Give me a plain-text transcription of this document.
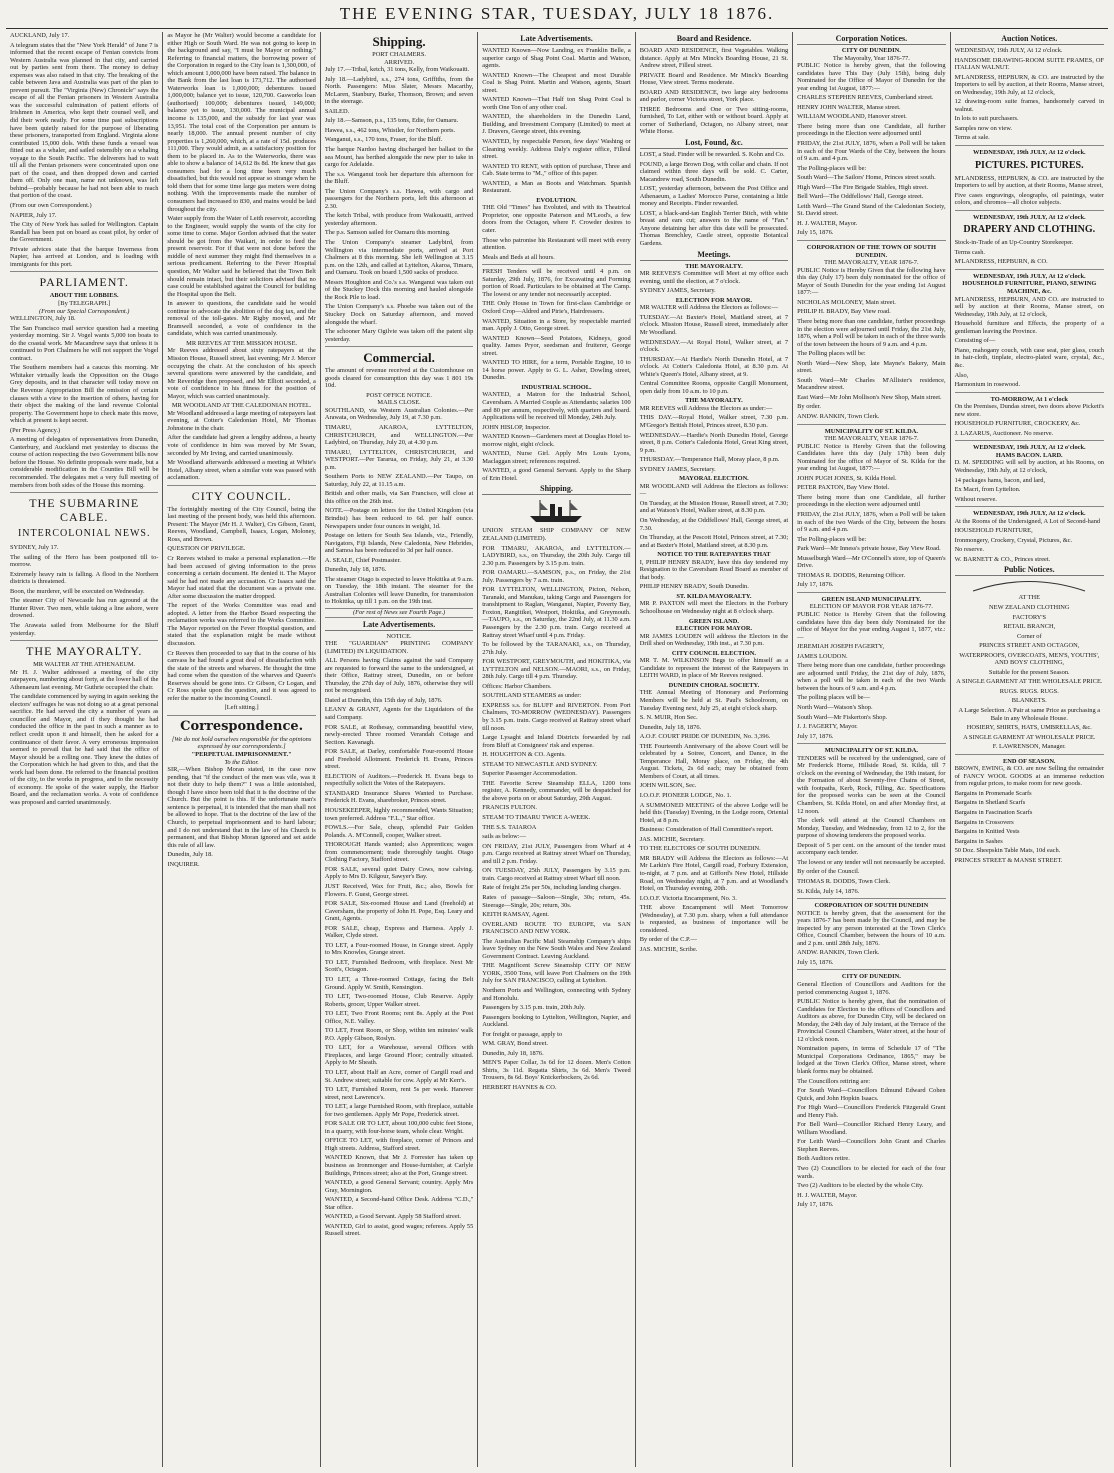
THE EVENING STAR, TUESDAY, JULY 18 1876.
AUCKLAND, July 17.
A telegram states that the "New York Herald" of June 7 is informed that the recent escape of Fenian convicts from Western Australia was planned in that city, and carried out by parties sent from there. The money to defray expenses was also raised in that city. The breaking of the cable between Java and Australia was part of the plan to prevent pursuit. The "Virginia (New) Chronicle" says the escape of all the Fenian prisoners in Western Australia was the successful culmination of patient efforts of Irishmen in America, who kept their counsel well, and did their work neatly. For some time past subscriptions have been quietly raised for the purpose of liberating these prisoners, transported from England. Virginia alone contributed 15,000 dols. With these funds a vessel was fitted out as a whaler, and sailed ostensibly on a whaling voyage to the South Pacific. The deliverers had to wait till all the Fenian prisoners were concentrated upon one part of the coast, and then dropped down and carried them off. Only one man, name not unknown, was left behind—probably because he had not been able to reach that portion of the coast.
(From our own Correspondent.)
NAPIER, July 17.
The City of New York has sailed for Wellington. Captain Randall has been put on board as coast pilot, by order of the Government.
Private advices state that the barque Inverness from Napier, has arrived at London, and is loading with immigrants for this port.
PARLIAMENT.
ABOUT THE LOBBIES.
[By TELEGRAPH.]
(From our Special Correspondent.)
WELLINGTON, July 18.
The San Francisco mail service question had a meeting yesterday morning. Sir J. Vogel wants 5,000 ton boats to do the coastal work. Mr Macandrew says that unless it is continued to Port Chalmers he will not support the Vogel contract.
The Southern members had a caucus this morning. Mr Whitaker virtually leads the Opposition on the Otago Grey deposits, and in that character will today move on the Revenue Appropriation Bill the omission of certain clauses with a view to the insertion of others, having for their object the making of the land revenue Colonial property. The Government hope to check mate this move, which at present is kept secret.
(Per Press Agency.)
A meeting of delegates of representatives from Dunedin, Canterbury, and Auckland met yesterday to discuss the course of action respecting the two Government bills now before the House. No definite proposals were made, but a considerable modification in the Counties Bill will be recommended. The delegates met a very full meeting of members from both sides of the House this morning.
THE SUBMARINE CABLE.
INTERCOLONIAL NEWS.
SYDNEY, July 17.
The sailing of the Hero has been postponed till to-morrow.
Extremely heavy rain is falling. A flood in the Northern districts is threatened.
Boon, the murderer, will be executed on Wednesday.
The steamer City of Newcastle has run aground at the Hunter River. Two men, while taking a line ashore, were drowned.
The Arawata sailed from Melbourne for the Bluff yesterday.
THE MAYORALTY.
MR WALTER AT THE ATHENAEUM.
Mr H. J. Walter addressed a meeting of the city ratepayers, numbering about forty, at the lower hall of the Athenaeum last evening. Mr Guthrie occupied the chair.
The candidate commenced by saying in again seeking the electors' suffrages he was not doing so at a great personal sacrifice. He had served the city a number of years as councillor and Mayor, and if they thought he had conducted the office in the past in such a manner as to reflect credit upon it and himself, then he asked for a continuance of their favor. A very erroneous impression seemed to prevail that he had said that the office of Mayor should be a rolling one. They knew the duties of the Corporation which he had given to this, and that the work had been done. He referred to the financial position of the city, to the works in progress, and to the necessity of economy. He spoke of the water supply, the Harbor Board, and the reclamation works. A vote of confidence was proposed and carried unanimously.
as Mayor he (Mr Walter) would become a candidate for either High or South Ward. He was not going to keep in the background and say, "I must be Mayor or nothing." Referring to financial matters, the borrowing power of the Corporation in regard to the City loan is 1,300,000, of which amount 1,000,000 have been raised. The balance in the Bank from the last loan is 173,712. The authorised Waterworks loan is 1,000,000; debentures issued 1,000,000; balance yet to issue, 120,700. Gasworks loan (authorised) 100,000; debentures issued, 149,000; balance yet to issue, 130,000. The municipal annual income is 135,000, and the subsidy for last year was 13,951. The total cost of the Corporation per annum is nearly 18,000. The annual present number of city properties is 1,260,000, which, at a rate of 15d. produces 111,000. They would admit, as a satisfactory position for them to be placed in. As to the Waterworks, there was able to show a balance of 14,612 8s 8d. He knew that gas consumers had for a long time been very much dissatisfied, but this would not appear so strange when he told them that for some time large gas meters were doing nothing. With the improvements made the number of consumers had increased to 830, and mains would be laid throughout the city.
Water supply from the Water of Leith reservoir, according to the Engineer, would supply the wants of the city for some time to come. Major Gordon advised that the water should be got from the Waikari, in order to feed the present reservoir. For if that were not done before the middle of next summer they might find themselves in a serious predicament. Referring to the Fever Hospital question, Mr Walter said he believed that the Town Belt should remain intact, but their solicitors advised that no case could be established against the Council for building the Hospital upon the Belt.
In answer to questions, the candidate said he would continue to advocate the abolition of the dog tax, and the removal of the toll-gates. Mr Rigby moved, and Mr Bramwell seconded, a vote of confidence in the candidate, which was carried unanimously.
MR REEVES AT THE MISSION HOUSE.
Mr Reeves addressed about sixty ratepayers at the Mission House, Russell street, last evening; Mr J. Mercer occupying the chair. At the conclusion of his speech several questions were answered by the candidate, and Mr Reveridge then proposed, and Mr Elliott seconded, a vote of confidence in his fitness for the position of Mayor, which was carried unanimously.
MR WOODLAND AT THE CALEDONIAN HOTEL.
Mr Woodland addressed a large meeting of ratepayers last evening, at Cotter's Caledonian Hotel, Mr Thomas Johnstone in the chair.
After the candidate had given a lengthy address, a hearty vote of confidence in him was moved by Mr Swan, seconded by Mr Irving, and carried unanimously.
Mr Woodland afterwards addressed a meeting at White's Hotel, Albany street, when a similar vote was passed with acclamation.
CITY COUNCIL.
The fortnightly meeting of the City Council, being the last meeting of the present body, was held this afternoon. Present: The Mayor (Mr H. J. Walter), Crs Gibson, Grant, Reeves, Woodland, Campbell, Isaacs, Logan, Moloney, Ross, and Brown.
QUESTION OF PRIVILEGE.
Cr Reeves wished to make a personal explanation.—He had been accused of giving information to the press concerning a certain document. He denied it. The Mayor said he had not made any accusation. Cr Isaacs said the Mayor had stated that the document was a private one. After some discussion the matter dropped.
The report of the Works Committee was read and adopted. A letter from the Harbor Board respecting the reclamation works was referred to the Works Committee. The Mayor reported on the Fever Hospital question, and stated that the explanation might be made without discussion.
Cr Reeves then proceeded to say that in the course of his canvass he had found a great deal of dissatisfaction with the state of the streets and wharves. He thought the time had come when the question of the wharves and Queen's Reserves should be gone into. Cr Gibson, Cr Logan, and Cr Ross spoke upon the question, and it was agreed to refer the matter to the incoming Council.
[Left sitting.]
Correspondence.
[We do not hold ourselves responsible for the opinions expressed by our correspondents.]
"PERPETUAL IMPRISONMENT."
To the Editor.
SIR,—When Bishop Moran stated, in the case now pending, that "if the conduct of the men was vile, was it not their duty to help them?" I was a little astonished, though I have since been told that it is the doctrine of the Church. But the point is this. If the unfortunate man's sentence is perpetual, it is intended that the man shall not be allowed to hope. That is the doctrine of the law of the Church, to perpetual imprisonment and to hard labour; and I do not understand that in the law of his Church is permanent, and that Bishop Moran ignored and set aside this rule of all law.
Dunedin, July 18.
INQUIRER.
Shipping.
PORT CHALMERS.
ARRIVED.
July 17.—Tribal, ketch, 31 tons, Kelly, from Waikouaiti.
July 18.—Ladybird, s.s., 274 tons, Griffiths, from the North. Passengers: Miss Slater, Messrs Macarthy, McLaren, Stanbury, Burke, Thomson, Brown; and seven in the steerage.
SAILED.
July 18.—Samson, p.s., 135 tons, Edie, for Oamaru.
Hawea, s.s., 462 tons, Whistler, for Northern ports.
Wanganui, s.s., 170 tons, Fraser, for the Bluff.
The barque Nardoo having discharged her ballast to the sea Mount, has berthed alongside the new pier to take in cargo for Adelaide.
The s.s. Wanganui took her departure this afternoon for the Bluff.
The Union Company's s.s. Hawea, with cargo and passengers for the Northern ports, left this afternoon at 2.30.
The ketch Tribal, with produce from Waikouaiti, arrived yesterday afternoon.
The p.s. Samson sailed for Oamaru this morning.
The Union Company's steamer Ladybird, from Wellington via intermediate ports, arrived at Port Chalmers at 8 this morning. She left Wellington at 3.15 p.m. on the 12th, and called at Lyttelton, Akaroa, Timaru, and Oamaru. Took on board 1,500 sacks of produce.
Messrs Houghton and Co.'s s.s. Wanganui was taken out of the Stuckey Dock this morning and hauled alongside the Rock Pile to load.
The Union Company's s.s. Phoebe was taken out of the Stuckey Dock on Saturday afternoon, and moved alongside the wharf.
The schooner Mary Ogilvie was taken off the patent slip yesterday.
Commercial.
The amount of revenue received at the Customhouse on goods cleared for consumption this day was 1 801 19s 10d.
POST OFFICE NOTICE.
MAILS CLOSE.
SOUTHLAND, via Western Australian Colonies.—Per Arawata, on Wednesday, July 19, at 7.30 p.m.
TIMARU, AKAROA, LYTTELTON, CHRISTCHURCH, and WELLINGTON.—Per Ladybird, on Thursday, July 20, at 4.30 p.m.
TIMARU, LYTTELTON, CHRISTCHURCH, and WESTPORT.—Per Tararua, on Friday, July 21, at 3.30 p.m.
Southern Ports to NEW ZEALAND.—Per Taupo, on Saturday, July 22, at 11.15 a.m.
British and other mails, via San Francisco, will close at this office on the 26th inst.
NOTE.—Postage on letters for the United Kingdom (via Brindisi) has been reduced to 6d. per half ounce. Newspapers under four ounces in weight, 1d.
Postage on letters for South Sea Islands, viz., Friendly, Navigators, Fiji Islands, New Caledonia, New Hebrides, and Samoa has been reduced to 3d per half ounce.
A. SEALE, Chief Postmaster.
Dunedin, July 18, 1876.
The steamer Otago is expected to leave Hokitika at 9 a.m. on Tuesday, the 18th instant. The steamer for the Australian Colonies will leave Dunedin, for transmission to Hokitika, up till 1 p.m. on the 19th inst.
(For rest of News see Fourth Page.)
Late Advertisements.
NOTICE.
THE "GUARDIAN" PRINTING COMPANY (LIMITED) IN LIQUIDATION.
ALL Persons having Claims against the said Company are requested to forward the same to the undersigned, at their Office, Rattray street, Dunedin, on or before Thursday, the 27th day of July, 1876, otherwise they will not be recognised.
Dated at Dunedin, this 15th day of July, 1876.
LEANY & GRANT, Agents for the Liquidators of the said Company.
FOR SALE, at Rothesay, commanding beautiful view, newly-erected Three roomed Verandah Cottage and Section. Kavanagh.
FOR SALE, at Darley, comfortable Four-room'd House and Freehold Allotment. Frederick H. Evans, Princes street.
ELECTION of Auditors.—Frederick H. Evans begs to respectfully solicit the Votes of the Ratepayers.
STANDARD Insurance Shares Wanted to Purchase. Frederick H. Evans, sharebroker, Princes street.
HOUSEKEEPER, highly recommended, Wants Situation; town preferred. Address "F.L.," Star office.
FOWLS.—For Sale, cheap, splendid Pair Golden Polands. A. M'Connell, cooper, Walker street.
THOROUGH Hands wanted; also Apprentices; wages from commencement; trade thoroughly taught. Otago Clothing Factory, Stafford street.
FOR SALE, several quiet Dairy Cows, now calving. Apply to Mrs D. Kilgour, Sawyer's Bay.
JUST Received, Wax for Fruit, &c.; also, Bowls for Flowers. F. Guest, George street.
FOR SALE, Six-roomed House and Land (freehold) at Caversham, the property of John H. Pope, Esq. Leary and Grant, Agents.
FOR SALE, cheap, Express and Harness. Apply J. Walker, Clyde street.
TO LET, a Four-roomed House, in Grange street. Apply to Mrs Knowles, Grange street.
TO LET, Furnished Bedroom, with fireplace. Next Mr Scott's, Octagon.
TO LET, a Three-roomed Cottage, facing the Belt Ground. Apply W. Smith, Kensington.
TO LET, Two-roomed House, Club Reserve. Apply Roberts, grocer, Upper Walker street.
TO LET, Two Front Rooms; rent 8s. Apply at the Post Office, N.E. Valley.
TO LET, Front Room, or Shop, within ten minutes' walk P.O. Apply Gibson, Roslyn.
TO LET, for a Warehouse, several Offices with Fireplaces, and large Ground Floor; centrally situated. Apply to Mr Sheath.
TO LET, about Half an Acre, corner of Cargill road and St. Andrew street; suitable for cow. Apply at Mr Kerr's.
TO LET, Furnished Room, rent 5s per week. Hanover street, next Lawrence's.
TO LET, a large Furnished Room, with fireplace, suitable for two gentlemen. Apply Mr Pope, Frederick street.
FOR SALE OR TO LET, about 100,000 cubic feet Stone, in a quarry, with four-horse team, whole clear. Wright.
OFFICE TO LET, with fireplace, corner of Princes and High streets. Address, Stafford street.
WANTED Known, that Mr J. Forrester has taken up business as Ironmonger and House-furnisher, at Carlyle Buildings, Princes street; also at the Port, Grange street.
WANTED, a good General Servant; country. Apply Mrs Gray, Mornington.
WANTED, a Second-hand Office Desk. Address "C.D.," Star office.
WANTED, a Good Servant. Apply 58 Stafford street.
WANTED, Girl to assist, good wages; referees. Apply 55 Russell street.
Late Advertisements.
WANTED Known—Now Landing, ex Franklin Belle, a superior cargo of Shag Point Coal. Martin and Watson, agents.
WANTED Known—The Cheapest and most Durable Coal is Shag Point. Martin and Watson, agents, Stuart street.
WANTED Known—That Half ton Shag Point Coal is worth One Ton of any other coal.
WANTED, the shareholders in the Dunedin Land, Building, and Investment Company (Limited) to meet at J. Dravers, George street, this evening.
WANTED, by respectable Person, few days' Washing or Cleaning weekly. Address Daly's register office, Filleul street.
WANTED TO RENT, with option of purchase, Three and Cab. State terms to "M.," office of this paper.
WANTED, a Man as Boots and Watchman. Spanish Restaurant.
EVOLUTION.
THE Old "Times" has Evoluted, and with its Theatrical Proprietor, one opposite Paterson and M'Leod's, a few doors from the Octagon, where F. Crowder desires to cater.
Those who patronise his Restaurant will meet with every attention.
Meals and Beds at all hours.
FRESH Tenders will be received until 4 p.m. on Saturday, 29th July, 1876, for Excavating and Forming portion of Road. Particulars to be obtained at The Camp. The lowest or any tender not necessarily accepted.
THE Only House in Town for first-class Cambridge or Oxford Crop—Aldred and Pirie's, Hairdressers.
WANTED, Situation in a Store, by respectable married man. Apply J. Otto, George street.
WANTED Known—Seed Potatoes, Kidneys, good quality. James Pryor, seedsman and fruiterer, George street.
WANTED TO HIRE, for a term, Portable Engine, 10 to 14 horse power. Apply to G. L. Asher, Dowling street, Dunedin.
INDUSTRIAL SCHOOL.
WANTED, a Matron for the Industrial School, Caversham. A Married Couple as Attendants; salaries 100 and 80 per annum, respectively, with quarters and board. Applications will be received till Monday, 24th July.
JOHN HISLOP, Inspector.
WANTED Known—Gardeners meet at Douglas Hotel to-morrow night, eight o'clock.
WANTED, Nurse Girl. Apply Mrs Louis Lyons, Maclaggan street; references required.
WANTED, a good General Servant. Apply to the Sharp of Erin Hotel.
Shipping.
UNION STEAM SHIP COMPANY OF NEW ZEALAND (LIMITED).
FOR TIMARU, AKAROA, and LYTTELTON.—LADYBIRD, s.s., on Thursday, the 20th July. Cargo till 2.30 p.m. Passengers by 3.15 p.m. train.
FOR OAMARU.—SAMSON, p.s., on Friday, the 21st July. Passengers by 7 a.m. train.
FOR LYTTELTON, WELLINGTON, Picton, Nelson, Taranaki, and Manukau, taking Cargo and Passengers for transhipment to Raglan, Wanganui, Napier, Poverty Bay, Foxton, Rangitikei, Westport, Hokitika, and Greymouth.—TAUPO, s.s., on Saturday, the 22nd July, at 11.30 a.m. Passengers by the 2.30 p.m. train. Cargo received at Rattray street Wharf until 4 p.m. Friday.
To be followed by the TARANAKI, s.s., on Thursday, 27th July.
FOR WESTPORT, GREYMOUTH, and HOKITIKA, via LYTTELTON and NELSON.—MAORI, s.s., on Friday, 28th July. Cargo till 4 p.m. Thursday.
Offices: Harbor Chambers.
SOUTHLAND STEAMERS as under:
EXPRESS s.s. for BLUFF and RIVERTON. From Port Chalmers, TO-MORROW (WEDNESDAY). Passengers by 3.15 p.m. train. Cargo received at Rattray street wharf till noon.
Large Lysaght and Inland Districts forwarded by rail from Bluff at Consignees' risk and expense.
H. HOUGHTON & CO. Agents.
STEAM TO NEWCASTLE AND SYDNEY.
Superior Passenger Accommodation.
THE Favorite Screw Steamship ELLA, 1200 tons register, A. Kennedy, commander, will be despatched for the above ports on or about Saturday, 29th August.
FRANCIS FULTON.
STEAM TO TIMARU TWICE A-WEEK.
THE S.S. TAIAROA
sails as below:—
ON FRIDAY, 21st JULY, Passengers from Wharf at 4 p.m. Cargo received at Rattray street Wharf on Thursday, and till 2 p.m. Friday.
ON TUESDAY, 25th JULY, Passengers by 3.15 p.m. train. Cargo received at Rattray street Wharf till noon.
Rate of freight 25s per 50s, including landing charges.
Rates of passage—Saloon—Single, 30s; return, 45s. Steerage—Single, 20s; return, 30s.
KEITH RAMSAY, Agent.
OVERLAND ROUTE TO EUROPE, via SAN FRANCISCO AND NEW YORK.
The Australian Pacific Mail Steamship Company's ships leave Sydney on the New South Wales and New Zealand Government Contract. Leaving Auckland.
THE Magnificent Screw Steamship CITY OF NEW YORK, 3500 Tons, will leave Port Chalmers on the 19th July for SAN FRANCISCO, calling at Lyttelton.
Northern Ports and Wellington, connecting with Sydney and Honolulu.
Passengers by 3.15 p.m. train, 20th July.
Passengers booking to Lyttelton, Wellington, Napier, and Auckland.
For freight or passage, apply to
WM. GRAY, Bond street.
Dunedin, July 18, 1876.
MEN'S Paper Collar, 3s 6d for 12 dozen. Men's Cotton Shirts, 3s 11d. Regatta Shirts, 3s 6d. Men's Tweed Trousers, 8s 6d. Boys' Knickerbockers, 2s 6d.
HERBERT HAYNES & CO.
Board and Residence.
BOARD AND RESIDENCE, first Vegetables. Walking distance. Apply at Mrs Minck's Boarding House, 21 St. Andrew street, Filleul street.
PRIVATE Board and Residence. Mr Minck's Boarding House, View street. Terms moderate.
BOARD AND RESIDENCE, two large airy bedrooms and parlor, corner Victoria street, York place.
THREE Bedrooms and One or Two sitting-rooms, furnished, To Let, either with or without board. Apply at corner of Sutherland, Octagon, no Albany street, near White Horse.
Lost, Found, &c.
LOST, a Stud. Finder will be rewarded. S. Kohn and Co.
FOUND, a large Brown Dog, with collar and chain. If not claimed within three days will be sold. C. Carter, Macandrew road, South Dunedin.
LOST, yesterday afternoon, between the Post Office and Athenaeum, a Ladies' Morocco Purse, containing a little money and Receipts. Finder rewarded.
LOST, a black-and-tan English Terrier Bitch, with white breast and ears cut; answers to the name of "Fan." Anyone detaining her after this date will be prosecuted. Thomas Brenchley, Castle street, opposite Botanical Gardens.
Meetings.
THE MAYORALTY.
MR REEVES'S Committee will Meet at my office each evening, until the election, at 7 o'clock.
SYDNEY JAMES, Secretary.
ELECTION FOR MAYOR.
MR WALTER will Address the Electors as follows:—
TUESDAY.—At Baxter's Hotel, Maitland street, at 7 o'clock. Mission House, Russell street, immediately after Mr Woodland.
WEDNESDAY.—At Royal Hotel, Walker street, at 7 o'clock.
THURSDAY.—At Hardie's North Dunedin Hotel, at 7 o'clock. At Cotter's Caledonia Hotel, at 8.30 p.m. At White's Queen's Hotel, Albany street, at 9.
Central Committee Rooms, opposite Cargill Monument, open daily from 10 a.m. to 10 p.m.
THE MAYORALTY.
MR REEVES will Address the Electors as under:—
THIS DAY.—Royal Hotel, Walker street, 7.30 p.m. M'Gregor's British Hotel, Princes street, 8.30 p.m.
WEDNESDAY.—Hardie's North Dunedin Hotel, George street, 8 p.m. Cotter's Caledonia Hotel, Great King street, 9 p.m.
THURSDAY.—Temperance Hall, Moray place, 8 p.m.
SYDNEY JAMES, Secretary.
MAYORAL ELECTION.
MR WOODLAND will Address the Electors as follows:—
On Tuesday, at the Mission House, Russell street, at 7.30; and at Watson's Hotel, Walker street, at 8.30 p.m.
On Wednesday, at the Oddfellows' Hall, George street, at 7.30.
On Thursday, at the Pescott Hotel, Princes street, at 7.30; and at Baxter's Hotel, Maitland street, at 8.30 p.m.
NOTICE TO THE RATEPAYERS THAT
I, PHILIP HENRY BRADY, have this day tendered my Resignation to the Caversham Road Board as member of that body.
PHILIP HENRY BRADY, South Dunedin.
ST. KILDA MAYORALTY.
MR P. PAXTON will meet the Electors in the Forbury Schoolhouse on Wednesday night at 8 o'clock sharp.
GREEN ISLAND.
ELECTION FOR MAYOR.
MR JAMES LOUDEN will address the Electors in the Drill shed on Wednesday, 19th inst., at 7.30 p.m.
CITY COUNCIL ELECTION.
MR T. M. WILKINSON Begs to offer himself as a Candidate to represent the interest of the Ratepayers in LEITH WARD, in place of Mr Reeves resigned.
DUNEDIN CHORAL SOCIETY.
THE Annual Meeting of Honorary and Performing Members will be held at St. Paul's Schoolroom, on Tuesday Evening next, July 25, at eight o'clock sharp.
S. N. MUIR, Hon Sec.
Dunedin, July 18, 1876.
A.O.F. COURT PRIDE OF DUNEDIN, No. 3,396.
THE Fourteenth Anniversary of the above Court will be celebrated by a Soiree, Concert, and Dance, in the Temperance Hall, Moray place, on Friday, the 4th August. Tickets, 2s 6d each; may be obtained from Members of Court, at all times.
JOHN WILSON, Sec.
I.O.O.F. PIONEER LODGE, No. 1.
A SUMMONED MEETING of the above Lodge will be held this (Tuesday) Evening, in the Lodge room, Oriental Hotel, at 8 p.m.
Business: Consideration of Hall Committee's report.
JAS. MICHIE, Secretary.
TO THE ELECTORS OF SOUTH DUNEDIN.
MR BRADY will Address the Electors as follows:—At Mr Larkin's Fire Hotel, Cargill road, Forbury Extension, to-night, at 7 p.m. and at Gifford's New Hotel, Hillside Road, on Wednesday night, at 7 p.m. and at Woodland's Hotel, on Thursday evening, 20th.
I.O.O.F. Victoria Encampment, No. 3.
THE above Encampment will Meet Tomorrow (Wednesday), at 7.30 p.m. sharp, when a full attendance is requested, as business of importance will be considered.
By order of the C.P.—
JAS. MICHIE, Scribe.
Corporation Notices.
CITY OF DUNEDIN.
The Mayoralty, Year 1876-77.
PUBLIC Notice is hereby given, that the following candidates have This Day (July 15th), being duly Nominated for the Office of Mayor of Dunedin for the year ending 1st August, 1877:—
CHARLES STEPHEN REEVES, Cumberland street.
HENRY JOHN WALTER, Manse street.
WILLIAM WOODLAND, Hanover street.
There being more than one Candidate, all further proceedings in the Election were adjourned until
FRIDAY, the 21st JULY, 1876, when a Poll will be taken in each of the Four Wards of the City, between the hours of 9 a.m. and 4 p.m.
The Polling-places will be:
South Ward—The Sailors' Home, Princes street south.
High Ward—The Fire Brigade Stables, High street.
Bell Ward—The Oddfellows' Hall, George street.
Leith Ward—The Grand Stand of the Caledonian Society, St. David street.
H. J. WALTER, Mayor.
July 15, 1876.
CORPORATION OF THE TOWN OF SOUTH DUNEDIN.
THE MAYORALTY, YEAR 1876-7.
PUBLIC Notice is Hereby Given that the following have this day (July 17) been duly nominated for the office of Mayor of South Dunedin for the year ending 1st August 1877:—
NICHOLAS MOLONEY, Main street.
PHILIP H. BRADY, Bay View road.
There being more than one candidate, further proceedings in the election were adjourned until Friday, the 21st July, 1876, when a Poll will be taken in each of the three wards of the town between the hours of 9 a.m. and 4 p.m.
The Polling places will be:
North Ward—New Shop, late Mayne's Bakery, Main street.
South Ward—Mr Charles M'Allister's residence, Macandrew street.
East Ward—Mr John Mollison's New Shop, Main street.
By order.
ANDW. RANKIN, Town Clerk.
MUNICIPALITY OF ST. KILDA.
THE MAYORALTY, YEAR 1876-7.
PUBLIC Notice is Hereby Given that the following Candidates have this day (July 17th) been duly Nominated for the office of Mayor of St. Kilda for the year ending 1st August, 1877:—
JOHN PUGH JONES, St. Kilda Hotel.
PETER PAXTON, Bay View Hotel.
There being more than one Candidate, all further proceedings in the election were adjourned until
FRIDAY, the 21st JULY, 1876, when a Poll will be taken in each of the two Wards of the City, between the hours of 9 a.m. and 4 p.m.
The Polling-places will be:
Park Ward—Mr Inness's private house, Bay View Road.
Musselburgh Ward—Mr O'Connell's store, top of Queen's Drive.
THOMAS R. DODDS, Returning Officer.
July 17, 1876.
GREEN ISLAND MUNICIPALITY.
ELECTION OF MAYOR FOR YEAR 1876-77.
PUBLIC Notice is Hereby Given that the following candidates have this day been duly Nominated for the office of Mayor for the year ending August 1, 1877, viz.:—
JEREMIAH JOSEPH FAGERTY,
JAMES LOUDON.
There being more than one candidate, further proceedings are adjourned until Friday, the 21st day of July, 1876, when a poll will be taken in each of the two Wards between the hours of 9 a.m. and 4 p.m.
The polling places will be—
North Ward—Watson's Shop.
South Ward—Mr Fiskerton's Shop.
J. J. FAGERTY, Mayor.
July 17, 1876.
MUNICIPALITY OF ST. KILDA.
TENDERS will be received by the undersigned, care of Mr Frederick Horne, Hillside Road, St. Kilda, till 7 o'clock on the evening of Wednesday, the 19th instant, for the Formation of about Seventy-five Chains of Street, with footpaths, Kerb, Rock, Filling, &c. Specifications for the proposed works can be seen at the Council Chambers, St. Kilda Hotel, on and after Monday first, at 12 noon.
The clerk will attend at the Council Chambers on Monday, Tuesday, and Wednesday, from 12 to 2, for the purpose of showing tenderers the proposed works.
Deposit of 5 per cent. on the amount of the tender must accompany each tender.
The lowest or any tender will not necessarily be accepted.
By order of the Council.
THOMAS R. DODDS, Town Clerk.
St. Kilda, July 14, 1876.
CORPORATION OF SOUTH DUNEDIN
NOTICE is hereby given, that the assessment for the years 1876-7 has been made by the Council, and may be inspected by any person interested at the Town Clerk's Office, Council Chamber, between the hours of 10 a.m. and 2 p.m. until 28th July, 1876.
ANDW. RANKIN, Town Clerk.
July 15, 1876.
CITY OF DUNEDIN.
General Election of Councillors and Auditors for the period commencing August 1, 1876.
PUBLIC Notice is hereby given, that the nomination of Candidates for Election to the offices of Councillors and Auditors as above, for Dunedin City, will be declared on Monday, the 24th day of July instant, at the Terrace of the Provincial Council Chambers, Water street, at the hour of 12 o'clock noon.
Nomination papers, in terms of Schedule 17 of "The Municipal Corporations Ordinance, 1865," may be lodged at the Town Clerk's Office, Manse street, where blank forms may be obtained.
The Councillors retiring are:
For South Ward—Councillors Edmund Edward Cohen Quick, and John Hopkin Isaacs.
For High Ward—Councillors Frederick Fitzgerald Grant and Henry Fish.
For Bell Ward—Councillor Richard Henry Leary, and William Woodland.
For Leith Ward—Councillors John Grant and Charles Stephen Reeves.
Both Auditors retire.
Two (2) Councillors to be elected for each of the four wards.
Two (2) Auditors to be elected by the whole City.
H. J. WALTER, Mayor.
July 17, 1876.
Auction Notices.
WEDNESDAY, 19th JULY, At 12 o'clock.
HANDSOME DRAWING-ROOM SUITE FRAMES, OF ITALIAN WALNUT.
M'LANDRESS, HEPBURN, & CO. are instructed by the Importers to sell by auction, at their Rooms, Manse street, on Wednesday, 19th July, at 12 o'clock,
12 drawing-room suite frames, handsomely carved in walnut.
In lots to suit purchasers.
Samples now on view.
Terms at sale.
WEDNESDAY, 19th JULY, At 12 o'clock.
PICTURES. PICTURES.
M'LANDRESS, HEPBURN, & CO. are instructed by the Importers to sell by auction, at their Rooms, Manse street,
Five cases engravings, oleographs, oil paintings, water colors, and chromos—all choice subjects.
WEDNESDAY, 19th JULY, At 12 o'clock.
DRAPERY AND CLOTHING.
Stock-in-Trade of an Up-Country Storekeeper.
Terms cash.
M'LANDRESS, HEPBURN, & CO.
WEDNESDAY, 19th JULY, At 12 o'clock.
HOUSEHOLD FURNITURE, PIANO, SEWING MACHINE, &c.
M'LANDRESS, HEPBURN, AND CO. are instructed to sell by auction at their Rooms, Manse street, on Wednesday, 19th July, at 12 o'clock,
Household furniture and Effects, the property of a gentleman leaving the Province.
Consisting of—
Piano, mahogany couch, with case seat, pier glass, couch in hair-cloth, tinplate, electro-plated ware, crystal, &c., &c.
Also,
Harmonium in rosewood.
TO-MORROW, At 1 o'clock
On the Premises, Dundas street, two doors above Pickett's new store.
HOUSEHOLD FURNITURE, CROCKERY, &c.
J. LAZARUS, Auctioneer. No reserve.
WEDNESDAY, 19th JULY, At 12 o'clock.
HAMS BACON. LARD.
D. M. SPEDDING will sell by auction, at his Rooms, on Wednesday, 19th July, at 12 o'clock,
14 packages hams, bacon, and lard,
Ex Macri, from Lyttelton.
Without reserve.
WEDNESDAY, 19th JULY, At 12 o'clock.
At the Rooms of the Undersigned, A Lot of Second-hand
HOUSEHOLD FURNITURE,
Ironmongery, Crockery, Crystal, Pictures, &c.
No reserve.
W. BARNETT & CO., Princes street.
Public Notices.
AT THE
NEW ZEALAND CLOTHING
FACTORY'S
RETAIL BRANCH,
Corner of
PRINCES STREET AND OCTAGON,
WATERPROOFS, OVERCOATS, MEN'S, YOUTHS', AND BOYS' CLOTHING,
Suitable for the present Season.
A SINGLE GARMENT AT THE WHOLESALE PRICE.
RUGS. RUGS. RUGS.
BLANKETS.
A Large Selection. A Pair at same Price as purchasing a Bale in any Wholesale House.
HOSIERY, SHIRTS, HATS, UMBRELLAS, &c.
A SINGLE GARMENT AT WHOLESALE PRICE.
F. LAWRENSON, Manager.
END OF SEASON.
BROWN, EWING, & CO. are now Selling the remainder of FANCY WOOL GOODS at an immense reduction from regular prices, to make room for new goods.
Bargains in Promenade Scarfs
Bargains in Shetland Scarfs
Bargains in Fascination Scarfs
Bargains in Crossovers
Bargains in Knitted Vests
Bargains in Sashes
50 Doz. Sheepskin Table Mats, 10d each.
PRINCES STREET & MANSE STREET.
